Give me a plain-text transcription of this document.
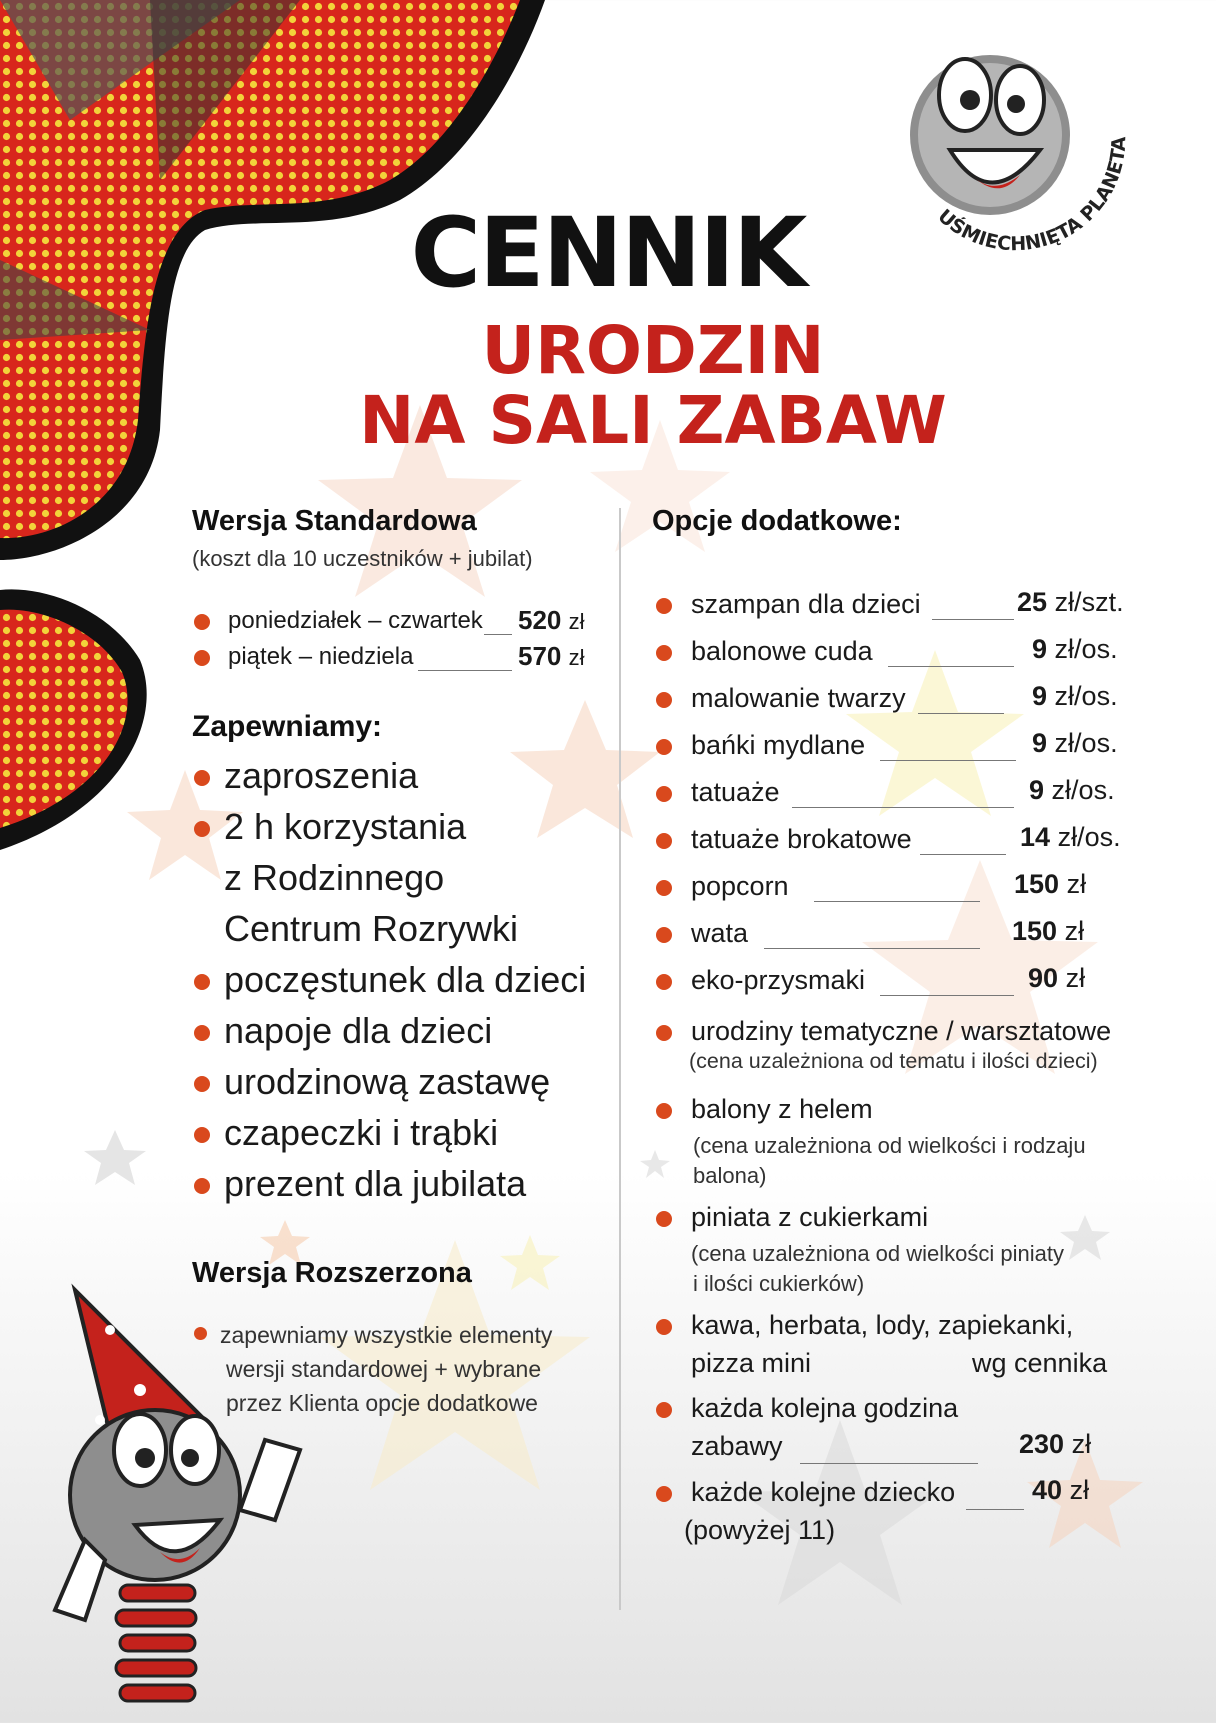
UŚMIECHNIĘTA PLANETA
CENNIK
URODZIN
NA SALI ZABAW
Wersja Standardowa
(koszt dla 10 uczestników + jubilat)
poniedziałek – czwartek 520 zł
piątek – niedziela	570 zł
Zapewniamy:
zaproszenia
2 h korzystania
z Rodzinnego
Centrum Rozrywki
poczęstunek dla dzieci
napoje dla dzieci
urodzinową zastawę
czapeczki i trąbki
prezent dla jubilata
Wersja Rozszerzona
zapewniamy wszystkie elementy
wersji standardowej + wybrane
przez Klienta opcje dodatkowe
Opcje dodatkowe:
szampan dla dzieci	25 zł/szt.
balonowe cuda	9 zł/os.
malowanie twarzy	9 zł/os.
bańki mydlane	9 zł/os.
tatuaże	9 zł/os.
tatuaże brokatowe	14 zł/os.
popcorn	150 zł
wata	150 zł
eko-przysmaki	90 zł
urodziny tematyczne / warsztatowe
(cena uzależniona od tematu i ilości dzieci)
balony z helem
(cena uzależniona od wielkości i rodzaju
balona)
piniata z cukierkami
(cena uzależniona od wielkości piniaty
i ilości cukierków)
kawa, herbata, lody, zapiekanki,
pizza mini	wg cennika
każda kolejna godzina
zabawy	230 zł
każde kolejne dziecko	40 zł
(powyżej 11)
